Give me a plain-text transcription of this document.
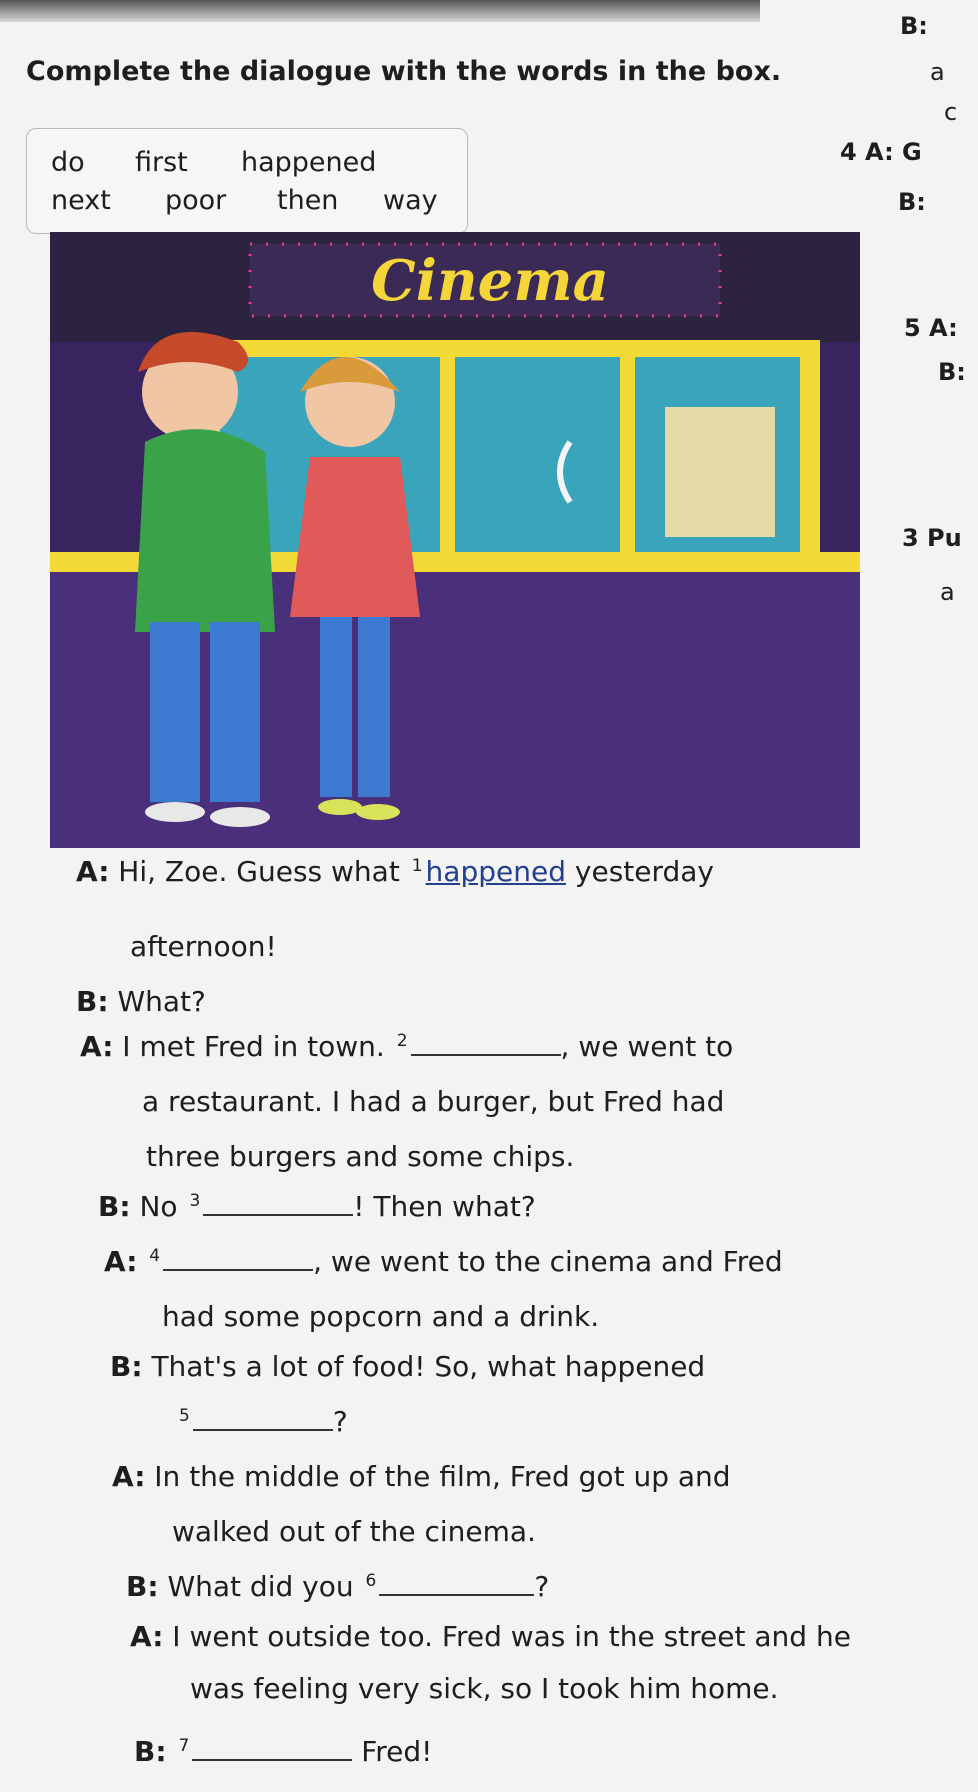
Complete the dialogue with the words in the box.
do first happened
next poor then way
Cinema
A: Hi, Zoe. Guess what $^1$ happened yesterday
afternoon!
B: What?
A: I met Fred in town. $^2$	, we went to
a restaurant. I had a burger, but Fred had
three burgers and some chips.
B: No $^3$	! Then what?
A: $^4$	, we went to the cinema and Fred
had some popcorn and a drink.
B: That's a lot of food! So, what happened
$^5$	?
A: In the middle of the film, Fred got up and
walked out of the cinema.
B: What did you $^6$	?
A: I went outside too. Fred was in the street and he
was feeling very sick, so I took him home.
B: $^7$	Fred!
B:
a
c
4 A: G
B:
5 A:
B:
3 Pu
a
